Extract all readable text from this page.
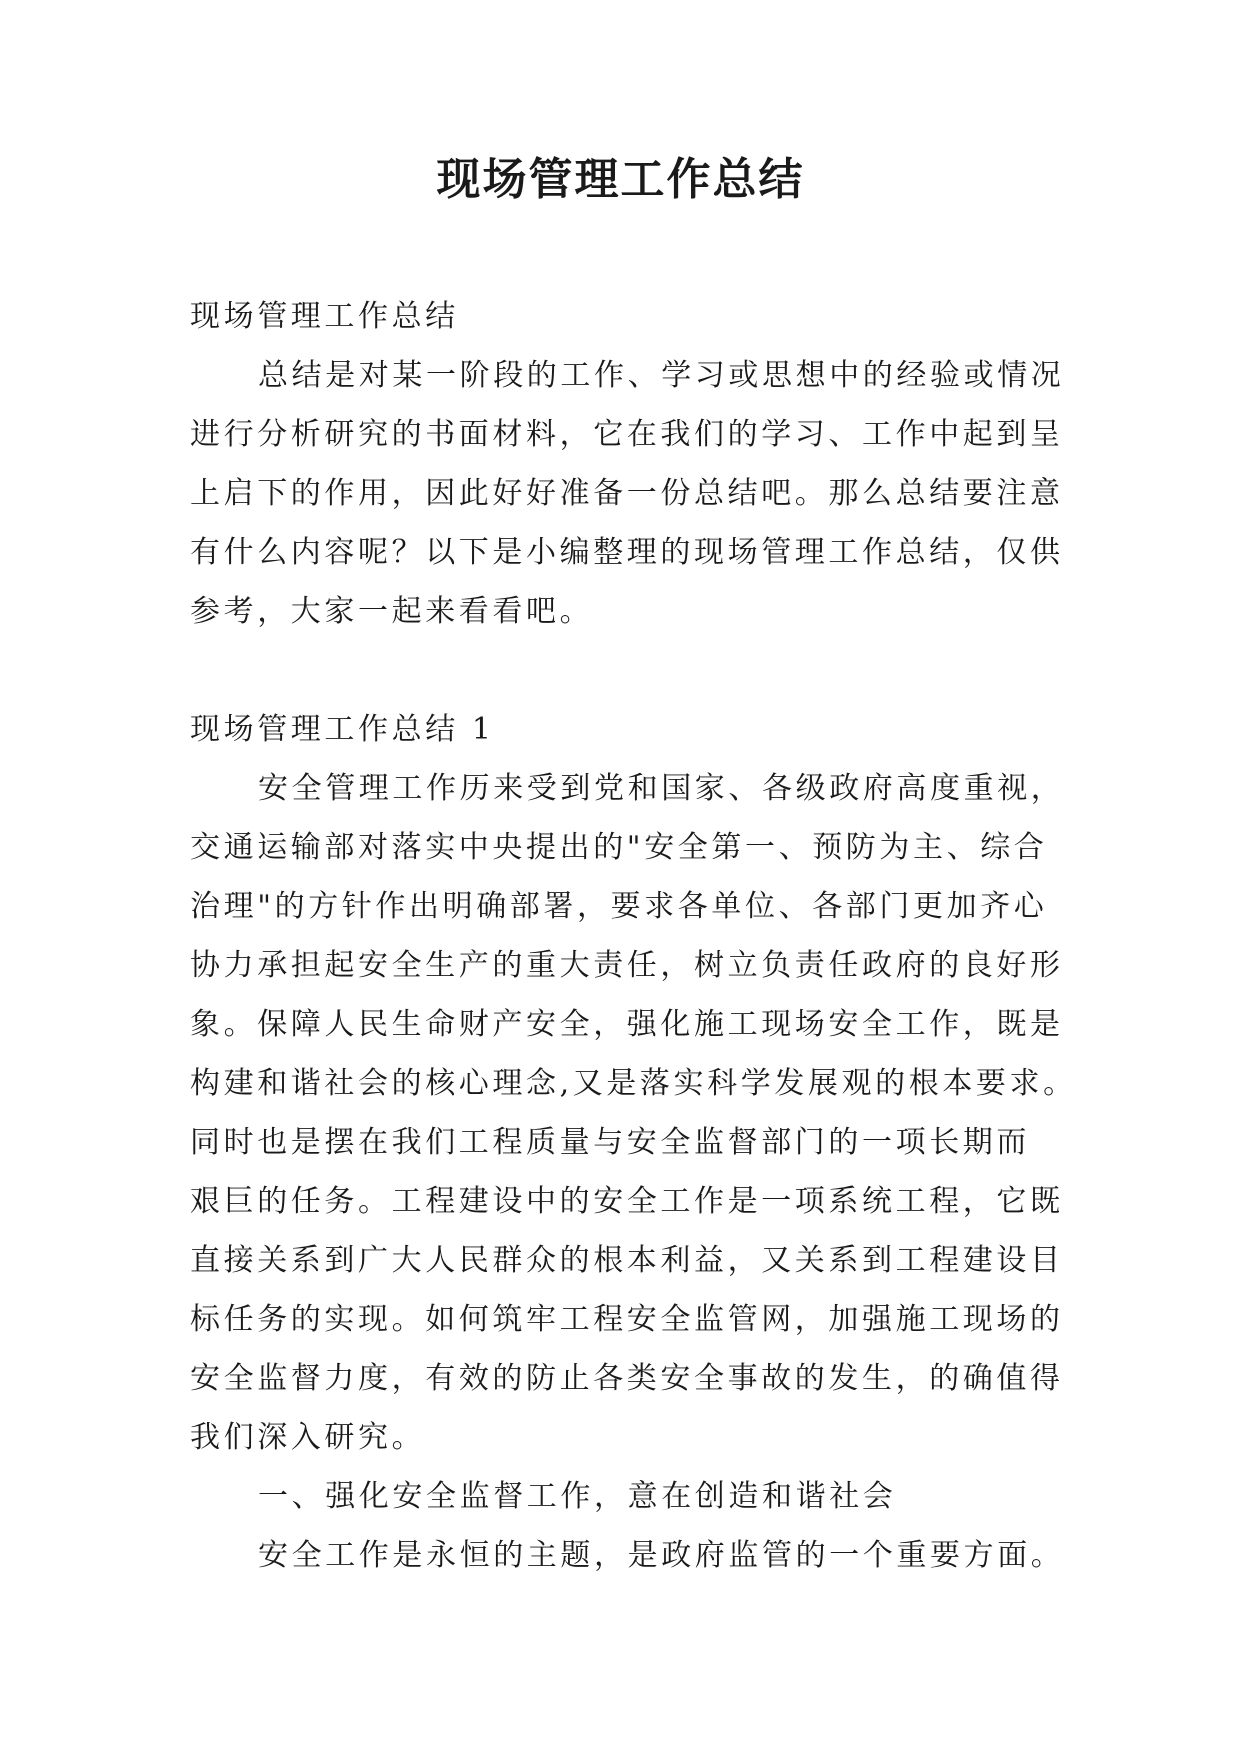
现场管理工作总结
现场管理工作总结
总结是对某一阶段的工作、学习或思想中的经验或情况
进行分析研究的书面材料，它在我们的学习、工作中起到呈
上启下的作用，因此好好准备一份总结吧。那么总结要注意
有什么内容呢？以下是小编整理的现场管理工作总结，仅供
参考，大家一起来看看吧。
现场管理工作总结 1
安全管理工作历来受到党和国家、各级政府高度重视，
交通运输部对落实中央提出的"安全第一、预防为主、综合
治理"的方针作出明确部署，要求各单位、各部门更加齐心
协力承担起安全生产的重大责任，树立负责任政府的良好形
象。保障人民生命财产安全，强化施工现场安全工作，既是
构建和谐社会的核心理念,又是落实科学发展观的根本要求。
同时也是摆在我们工程质量与安全监督部门的一项长期而
艰巨的任务。工程建设中的安全工作是一项系统工程，它既
直接关系到广大人民群众的根本利益，又关系到工程建设目
标任务的实现。如何筑牢工程安全监管网，加强施工现场的
安全监督力度，有效的防止各类安全事故的发生，的确值得
我们深入研究。
一、强化安全监督工作，意在创造和谐社会
安全工作是永恒的主题，是政府监管的一个重要方面。
